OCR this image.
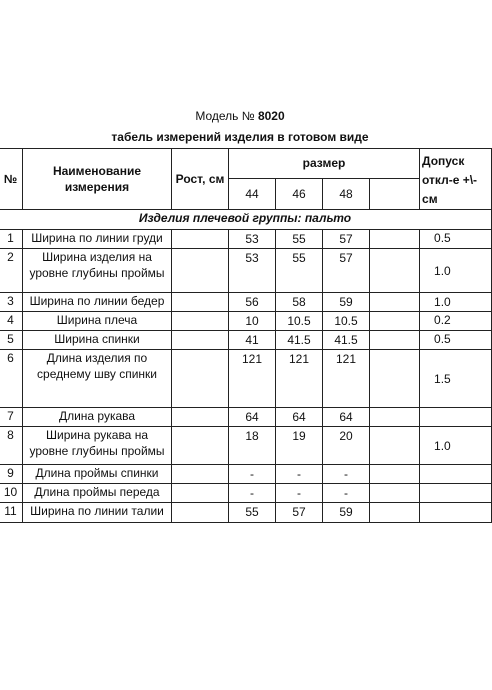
Модель № 8020
табель измерений изделия в готовом виде
№	Наименование измерения	Рост, см	размер				Допуск откл-е +\-см
			44	46	48		
Изделия плечевой группы: пальто							
1	Ширина по линии груди		53	55	57		0.5
2	Ширина изделия на уровне глубины проймы		53	55	57		1.0
3	Ширина по линии бедер		56	58	59		1.0
4	Ширина плеча		10	10.5	10.5		0.2
5	Ширина спинки		41	41.5	41.5		0.5
6	Длина изделия по среднему шву спинки		121	121	121		1.5
7	Длина рукава		64	64	64		
8	Ширина рукава на уровне глубины проймы		18	19	20		1.0
9	Длина проймы спинки		-	-	-		
10	Длина проймы переда		-	-	-		
11	Ширина по линии талии		55	57	59		
